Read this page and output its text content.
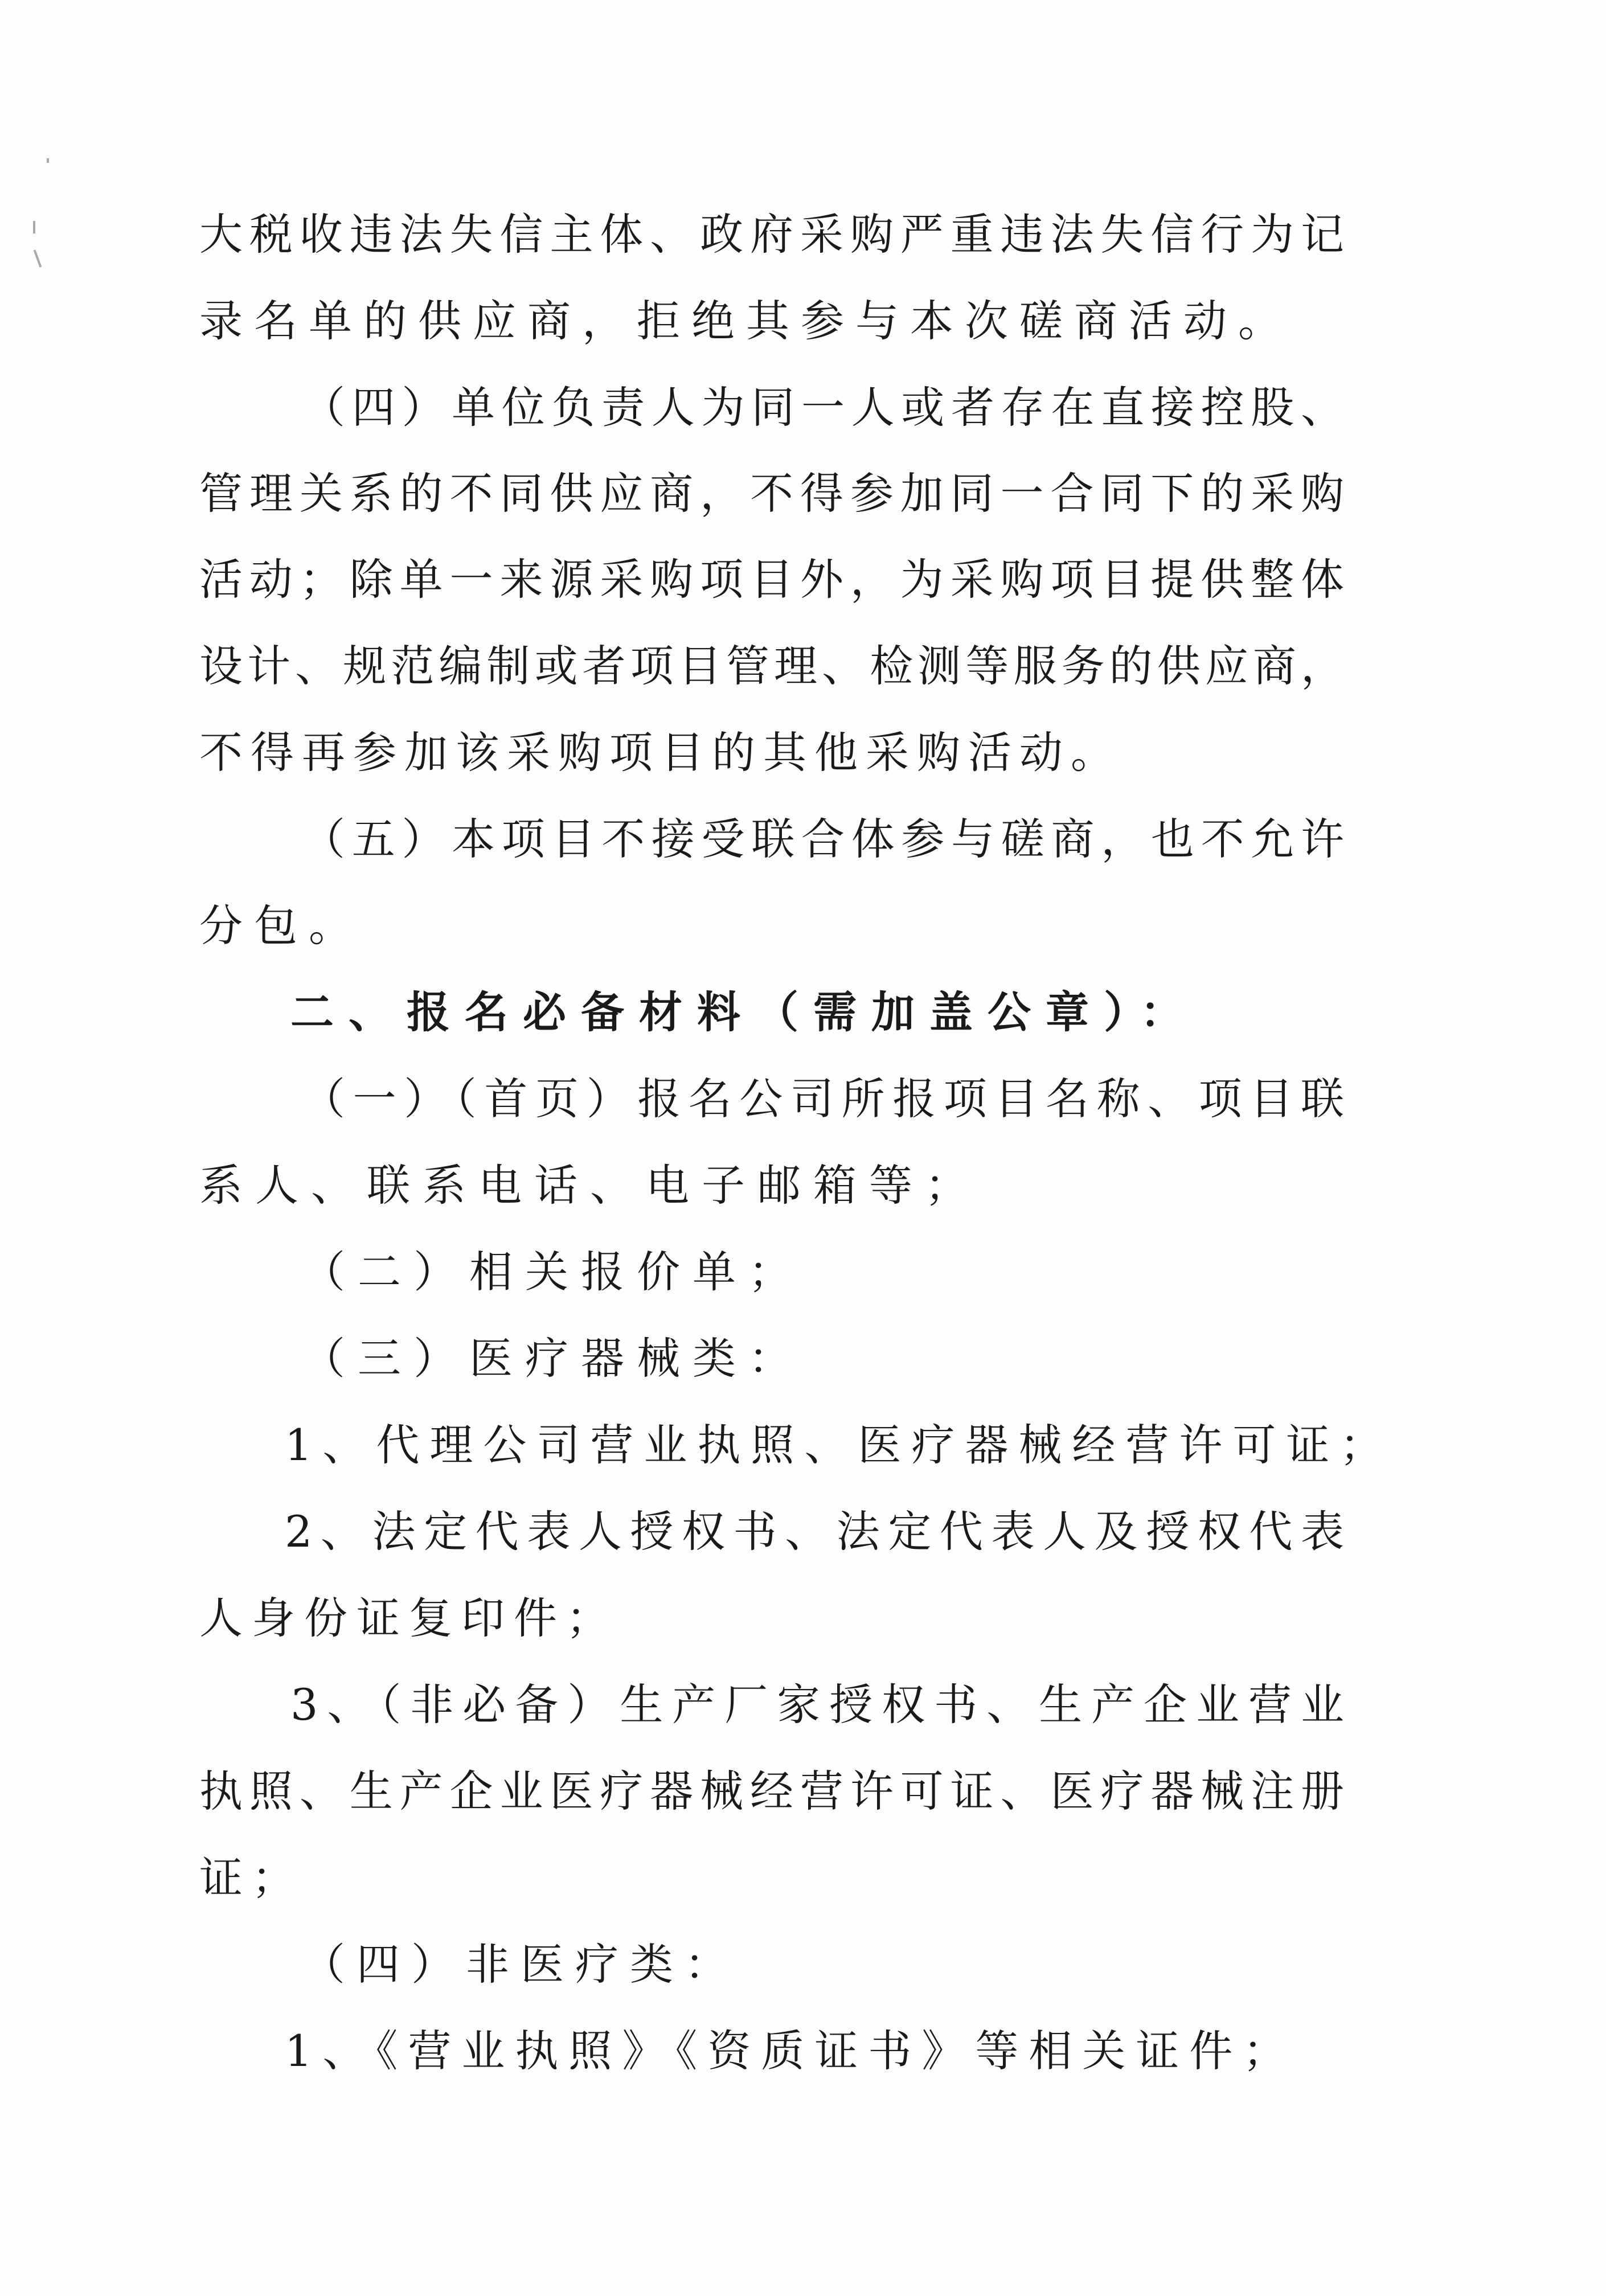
大税收违法失信主体、政府采购严重违法失信行为记
录名单的供应商，拒绝其参与本次磋商活动。
（四）单位负责人为同一人或者存在直接控股、
管理关系的不同供应商，不得参加同一合同下的采购
活动；除单一来源采购项目外，为采购项目提供整体
设计、规范编制或者项目管理、检测等服务的供应商，
不得再参加该采购项目的其他采购活动。
（五）本项目不接受联合体参与磋商，也不允许
分包。
二、报名必备材料（需加盖公章）：
（一）（首页）报名公司所报项目名称、项目联
系人、联系电话、电子邮箱等；
（二）相关报价单；
（三）医疗器械类：
1、代理公司营业执照、医疗器械经营许可证；
2、法定代表人授权书、法定代表人及授权代表
人身份证复印件；
3、（非必备）生产厂家授权书、生产企业营业
执照、生产企业医疗器械经营许可证、医疗器械注册
证；
（四）非医疗类：
1、《营业执照》《资质证书》等相关证件；
